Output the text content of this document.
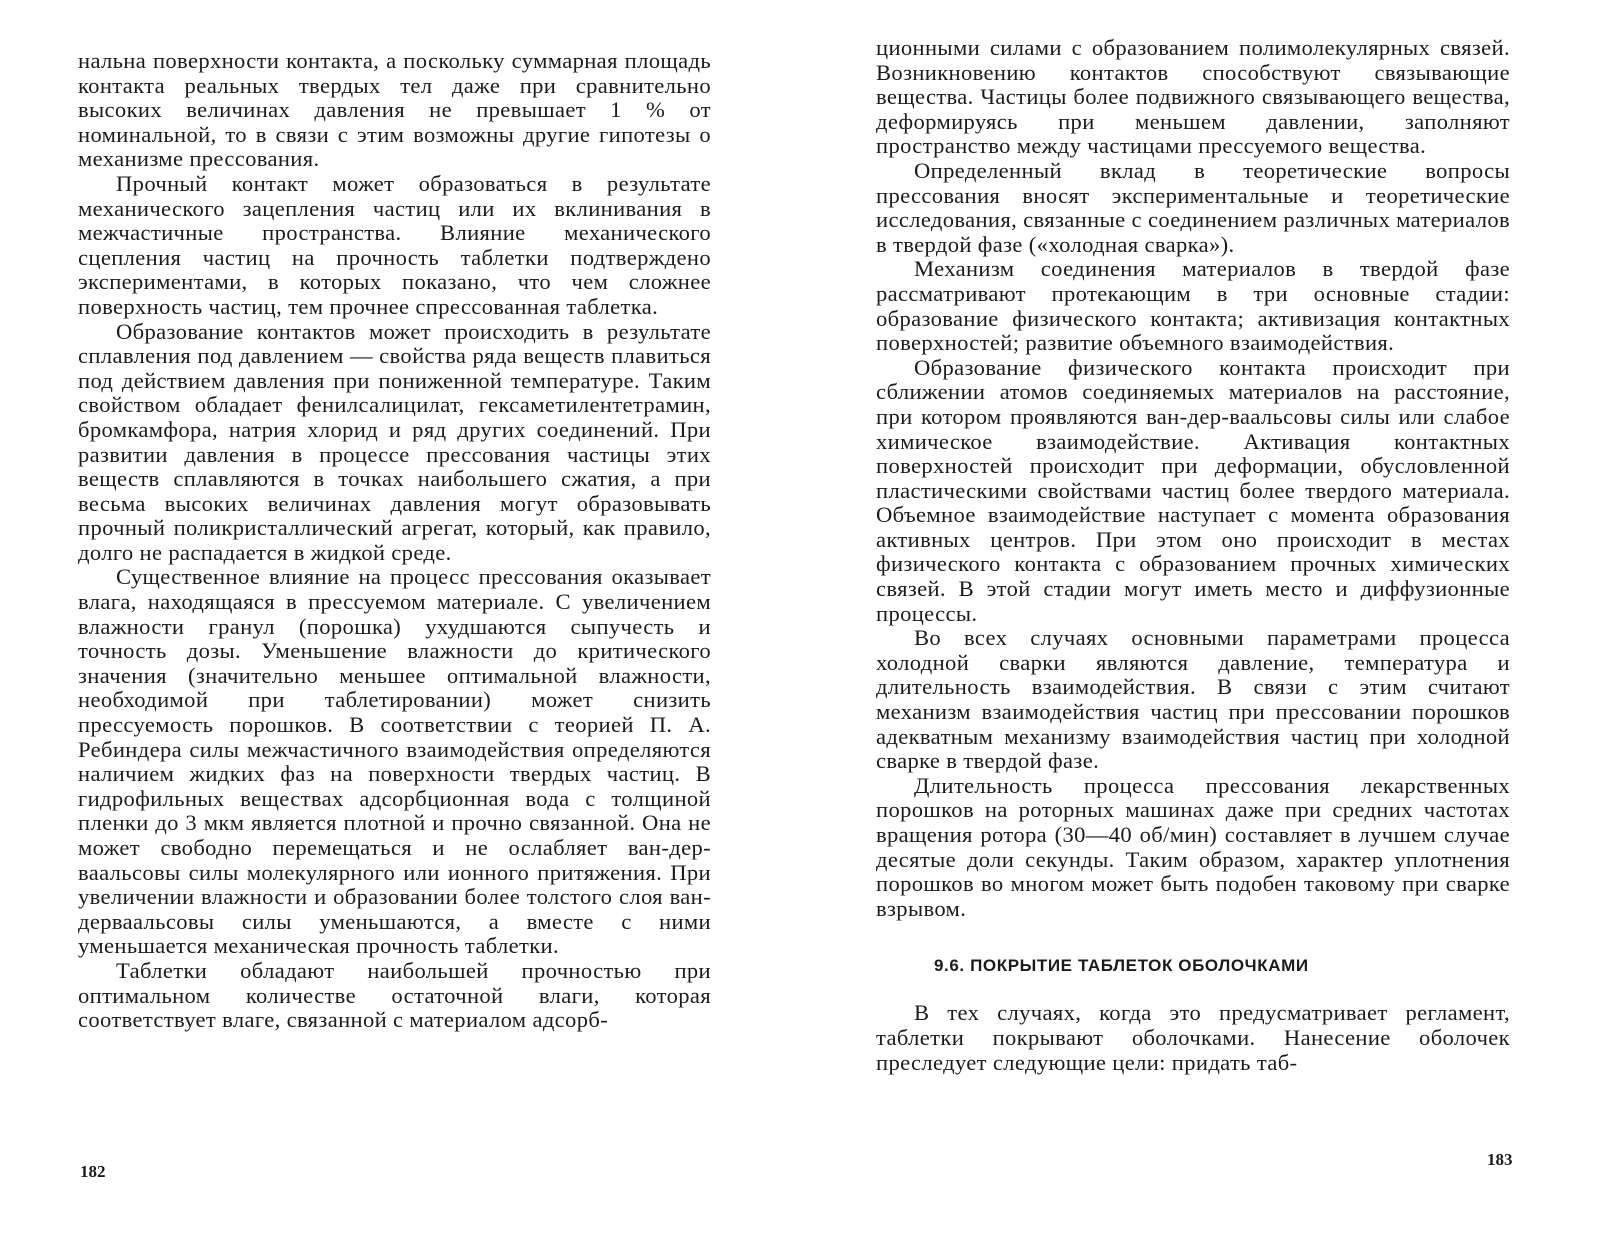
нальна поверхности контакта, а поскольку суммарная площадь контакта реальных твердых тел даже при сравнительно высоких величинах давления не превышает 1 % от номинальной, то в связи с этим возможны другие гипотезы о механизме прессования.

Прочный контакт может образоваться в результате механического зацепления частиц или их вклинивания в межчастичные пространства. Влияние механического сцепления частиц на прочность таблетки подтверждено экспериментами, в которых показано, что чем сложнее поверхность частиц, тем прочнее спрессованная таблетка.

Образование контактов может происходить в результате сплавления под давлением — свойства ряда веществ плавиться под действием давления при пониженной температуре. Таким свойством обладает фенилсалицилат, гексаметилентетрамин, бромкамфора, натрия хлорид и ряд других соединений. При развитии давления в процессе прессования частицы этих веществ сплавляются в точках наибольшего сжатия, а при весьма высоких величинах давления могут образовывать прочный поликристаллический агрегат, который, как правило, долго не распадается в жидкой среде.

Существенное влияние на процесс прессования оказывает влага, находящаяся в прессуемом материале. С увеличением влажности гранул (порошка) ухудшаются сыпучесть и точность дозы. Уменьшение влажности до критического значения (значительно меньшее оптимальной влажности, необходимой при таблетировании) может снизить прессуемость порошков. В соответствии с теорией П. А. Ребиндера силы межчастичного взаимодействия определяются наличием жидких фаз на поверхности твердых частиц. В гидрофильных веществах адсорбционная вода с толщиной пленки до 3 мкм является плотной и прочно связанной. Она не может свободно перемещаться и не ослабляет ван-дер-ваальсовы силы молекулярного или ионного притяжения. При увеличении влажности и образовании более толстого слоя ван-дерваальсовы силы уменьшаются, а вместе с ними уменьшается механическая прочность таблетки.

Таблетки обладают наибольшей прочностью при оптимальном количестве остаточной влаги, которая соответствует влаге, связанной с материалом адсорб-

182

ционными силами с образованием полимолекулярных связей. Возникновению контактов способствуют связывающие вещества. Частицы более подвижного связывающего вещества, деформируясь при меньшем давлении, заполняют пространство между частицами прессуемого вещества.

Определенный вклад в теоретические вопросы прессования вносят экспериментальные и теоретические исследования, связанные с соединением различных материалов в твердой фазе («холодная сварка»).

Механизм соединения материалов в твердой фазе рассматривают протекающим в три основные стадии: образование физического контакта; активизация контактных поверхностей; развитие объемного взаимодействия.

Образование физического контакта происходит при сближении атомов соединяемых материалов на расстояние, при котором проявляются ван-дер-ваальсовы силы или слабое химическое взаимодействие. Активация контактных поверхностей происходит при деформации, обусловленной пластическими свойствами частиц более твердого материала. Объемное взаимодействие наступает с момента образования активных центров. При этом оно происходит в местах физического контакта с образованием прочных химических связей. В этой стадии могут иметь место и диффузионные процессы.

Во всех случаях основными параметрами процесса холодной сварки являются давление, температура и длительность взаимодействия. В связи с этим считают механизм взаимодействия частиц при прессовании порошков адекватным механизму взаимодействия частиц при холодной сварке в твердой фазе.

Длительность процесса прессования лекарственных порошков на роторных машинах даже при средних частотах вращения ротора (30—40 об/мин) составляет в лучшем случае десятые доли секунды. Таким образом, характер уплотнения порошков во многом может быть подобен таковому при сварке взрывом.

9.6. ПОКРЫТИЕ ТАБЛЕТОК ОБОЛОЧКАМИ

В тех случаях, когда это предусматривает регламент, таблетки покрывают оболочками. Нанесение оболочек преследует следующие цели: придать таб-

183
